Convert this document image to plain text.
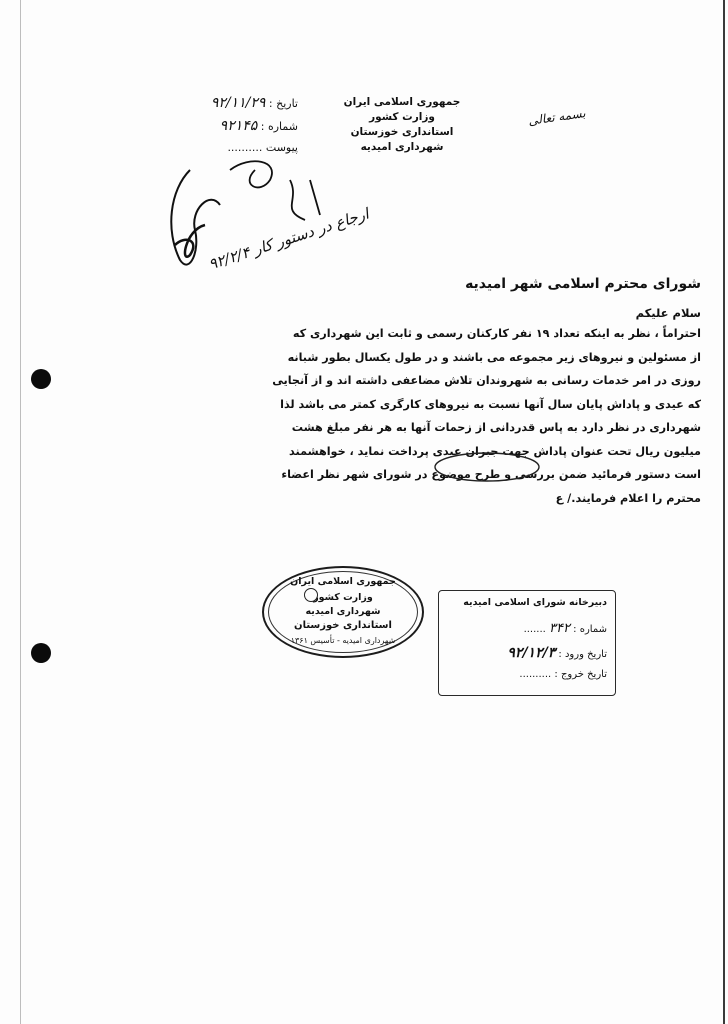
بسمه تعالی
جمهوری اسلامی ایران
وزارت کشور
استانداری خوزستان
شهرداری امیدیه
تاریخ : ۹۲/۱۱/۲۹
شماره : ۹۲۱۴۵
پیوست ..........
ارجاع در دستور کار ۹۲/۲/۴
شورای محترم اسلامی شهر امیدیه
سلام علیکم
احتراماً ، نظر به اینکه تعداد ۱۹ نفر کارکنان رسمی و ثابت این شهرداری که
از مسئولین و نیروهای زیر مجموعه می باشند و در طول یکسال بطور شبانه
روزی در امر خدمات رسانی به شهروندان تلاش مضاعفی داشته اند و از آنجایی
که عیدی و پاداش پایان سال آنها نسبت به نیروهای کارگری کمتر می باشد لذا
شهرداری در نظر دارد به پاس قدردانی از زحمات آنها به هر نفر مبلغ هشت
میلیون ریال تحت عنوان پاداش جهت جبران عیدی پرداخت نماید ، خواهشمند
است دستور فرمائید ضمن بررسی و طرح موضوع در شورای شهر نظر اعضاء
محترم را اعلام فرمایند./ ع
جمهوری اسلامی ایران
وزارت کشور
شهرداری امیدیه
استانداری خوزستان
شهرداری امیدیه - تأسیس ۱۳۶۱
دبیرخانه شورای اسلامی امیدیه
شماره : ۳۴۲ .......
تاریخ ورود : ۹۲/۱۲/۳
تاریخ خروج : ..........
